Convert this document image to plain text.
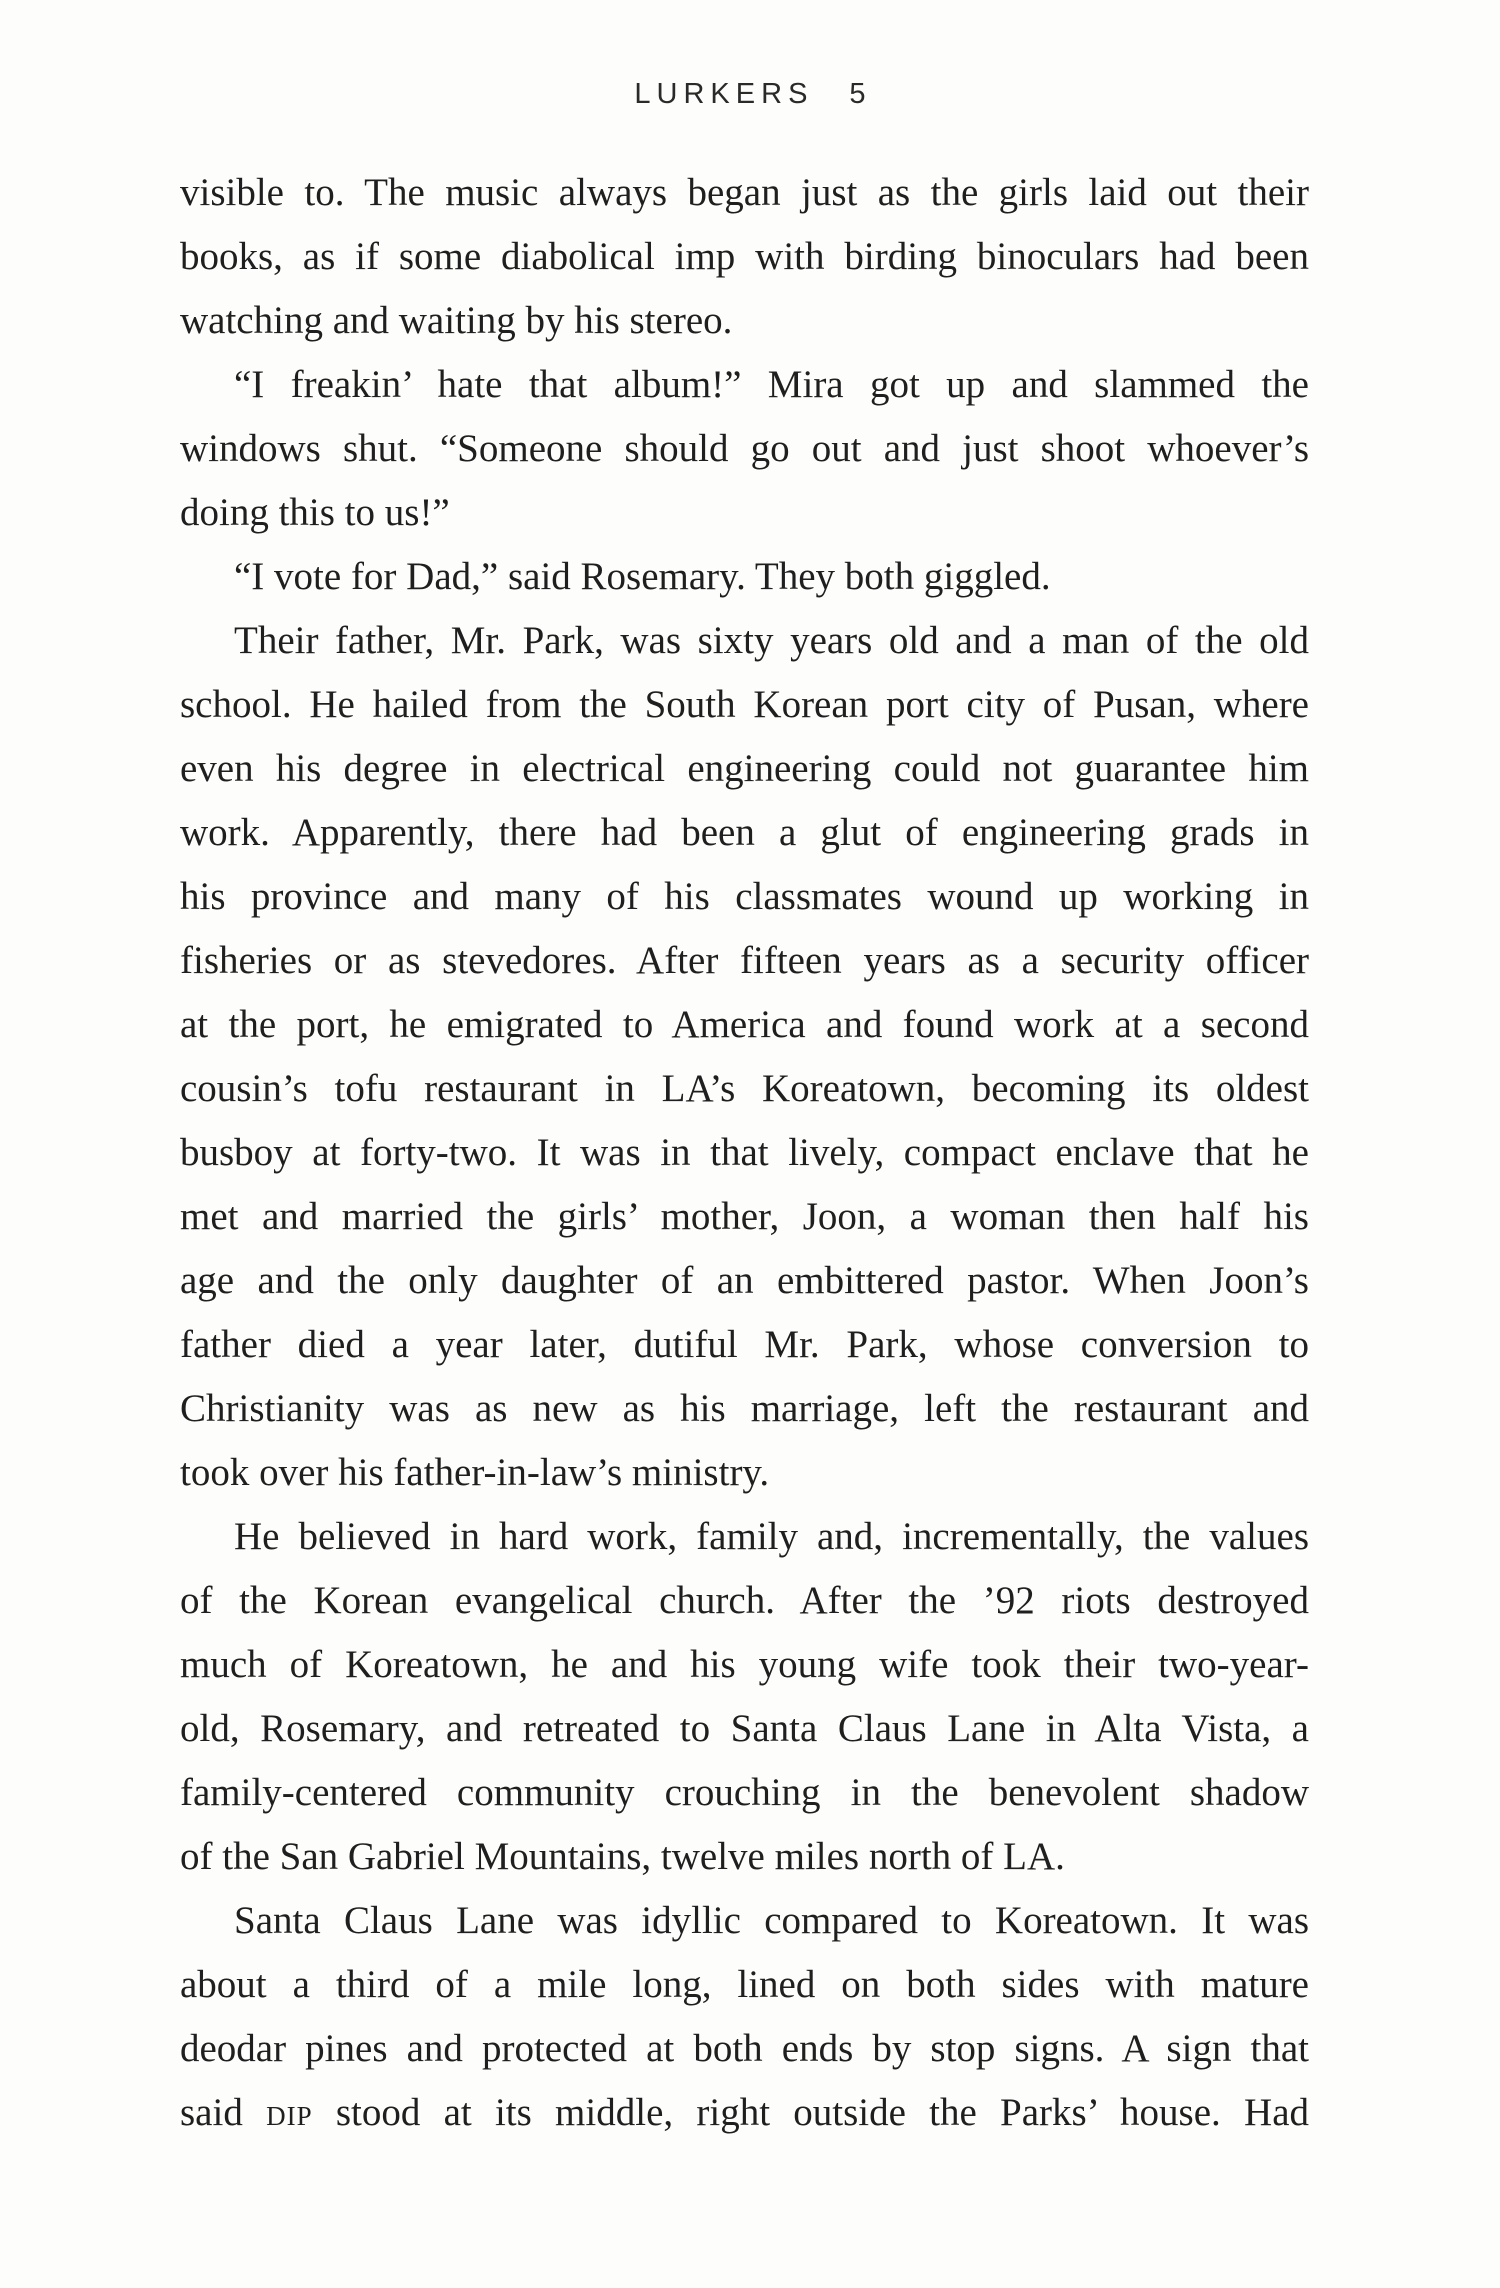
LURKERS 5
visible to. The music always began just as the girls laid out their
books, as if some diabolical imp with birding binoculars had been
watching and waiting by his stereo.
“I freakin’ hate that album!” Mira got up and slammed the
windows shut. “Someone should go out and just shoot whoever’s
doing this to us!”
“I vote for Dad,” said Rosemary. They both giggled.
Their father, Mr. Park, was sixty years old and a man of the old
school. He hailed from the South Korean port city of Pusan, where
even his degree in electrical engineering could not guarantee him
work. Apparently, there had been a glut of engineering grads in
his province and many of his classmates wound up working in
fisheries or as stevedores. After fifteen years as a security officer
at the port, he emigrated to America and found work at a second
cousin’s tofu restaurant in LA’s Koreatown, becoming its oldest
busboy at forty-two. It was in that lively, compact enclave that he
met and married the girls’ mother, Joon, a woman then half his
age and the only daughter of an embittered pastor. When Joon’s
father died a year later, dutiful Mr. Park, whose conversion to
Christianity was as new as his marriage, left the restaurant and
took over his father-in-law’s ministry.
He believed in hard work, family and, incrementally, the values
of the Korean evangelical church. After the ’92 riots destroyed
much of Koreatown, he and his young wife took their two-year-
old, Rosemary, and retreated to Santa Claus Lane in Alta Vista, a
family-centered community crouching in the benevolent shadow
of the San Gabriel Mountains, twelve miles north of LA.
Santa Claus Lane was idyllic compared to Koreatown. It was
about a third of a mile long, lined on both sides with mature
deodar pines and protected at both ends by stop signs. A sign that
said dip stood at its middle, right outside the Parks’ house. Had
